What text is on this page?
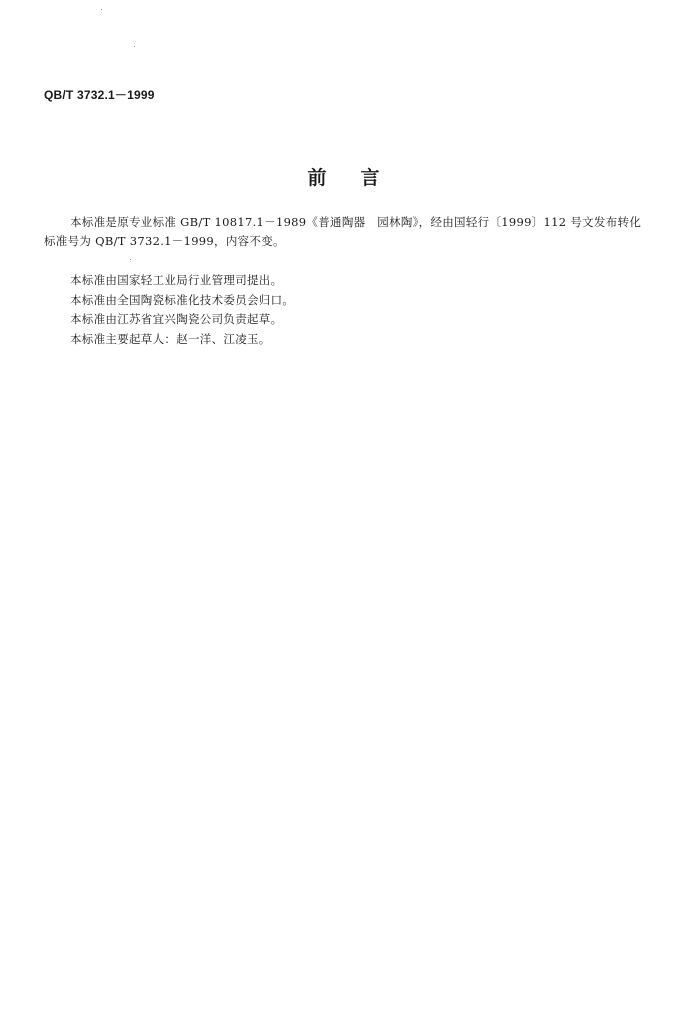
QB/T 3732.1－1999
前言
本标准是原专业标准 GB/T 10817.1－1989《普通陶器　园林陶》，经由国轻行〔1999〕112 号文发布转化标准号为 QB/T 3732.1－1999，内容不变。
本标准由国家轻工业局行业管理司提出。
本标准由全国陶瓷标准化技术委员会归口。
本标准由江苏省宜兴陶瓷公司负责起草。
本标准主要起草人：赵一洋、江凌玉。
